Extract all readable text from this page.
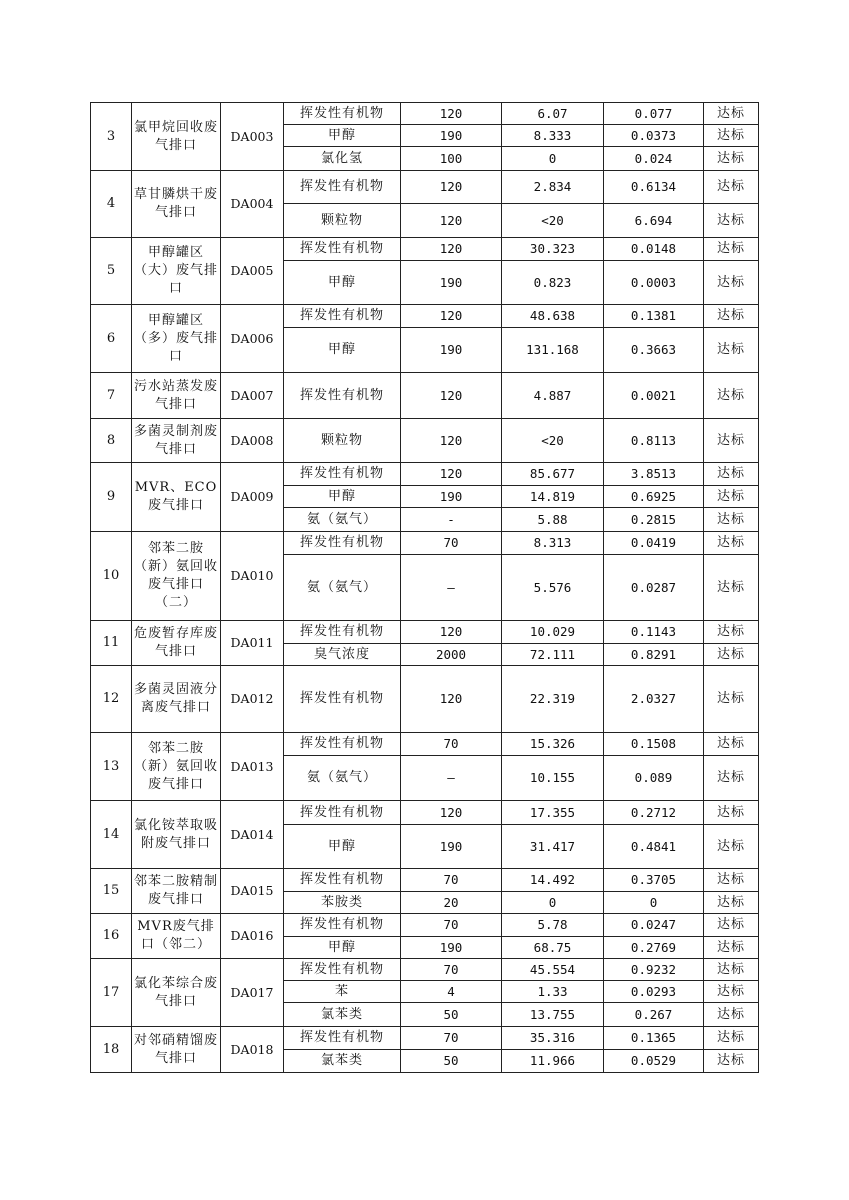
3	氯甲烷回收废气排口	DA003	挥发性有机物	120	6.07	0.077	达标
			甲醇	190	8.333	0.0373	达标
			氯化氢	100	0	0.024	达标
4	草甘膦烘干废气排口	DA004	挥发性有机物	120	2.834	0.6134	达标
			颗粒物	120	<20	6.694	达标
5	甲醇罐区（大）废气排口	DA005	挥发性有机物	120	30.323	0.0148	达标
			甲醇	190	0.823	0.0003	达标
6	甲醇罐区（多）废气排口	DA006	挥发性有机物	120	48.638	0.1381	达标
			甲醇	190	131.168	0.3663	达标
7	污水站蒸发废气排口	DA007	挥发性有机物	120	4.887	0.0021	达标
8	多菌灵制剂废气排口	DA008	颗粒物	120	<20	0.8113	达标
9	MVR、ECO废气排口	DA009	挥发性有机物	120	85.677	3.8513	达标
			甲醇	190	14.819	0.6925	达标
			氨（氨气）	-	5.88	0.2815	达标
10	邻苯二胺（新）氨回收废气排口（二）	DA010	挥发性有机物	70	8.313	0.0419	达标
			氨（氨气）	—	5.576	0.0287	达标
11	危废暂存库废气排口	DA011	挥发性有机物	120	10.029	0.1143	达标
			臭气浓度	2000	72.111	0.8291	达标
12	多菌灵固液分离废气排口	DA012	挥发性有机物	120	22.319	2.0327	达标
13	邻苯二胺（新）氨回收废气排口	DA013	挥发性有机物	70	15.326	0.1508	达标
			氨（氨气）	—	10.155	0.089	达标
14	氯化铵萃取吸附废气排口	DA014	挥发性有机物	120	17.355	0.2712	达标
			甲醇	190	31.417	0.4841	达标
15	邻苯二胺精制废气排口	DA015	挥发性有机物	70	14.492	0.3705	达标
			苯胺类	20	0	0	达标
16	MVR废气排口（邻二）	DA016	挥发性有机物	70	5.78	0.0247	达标
			甲醇	190	68.75	0.2769	达标
17	氯化苯综合废气排口	DA017	挥发性有机物	70	45.554	0.9232	达标
			苯	4	1.33	0.0293	达标
			氯苯类	50	13.755	0.267	达标
18	对邻硝精馏废气排口	DA018	挥发性有机物	70	35.316	0.1365	达标
			氯苯类	50	11.966	0.0529	达标
